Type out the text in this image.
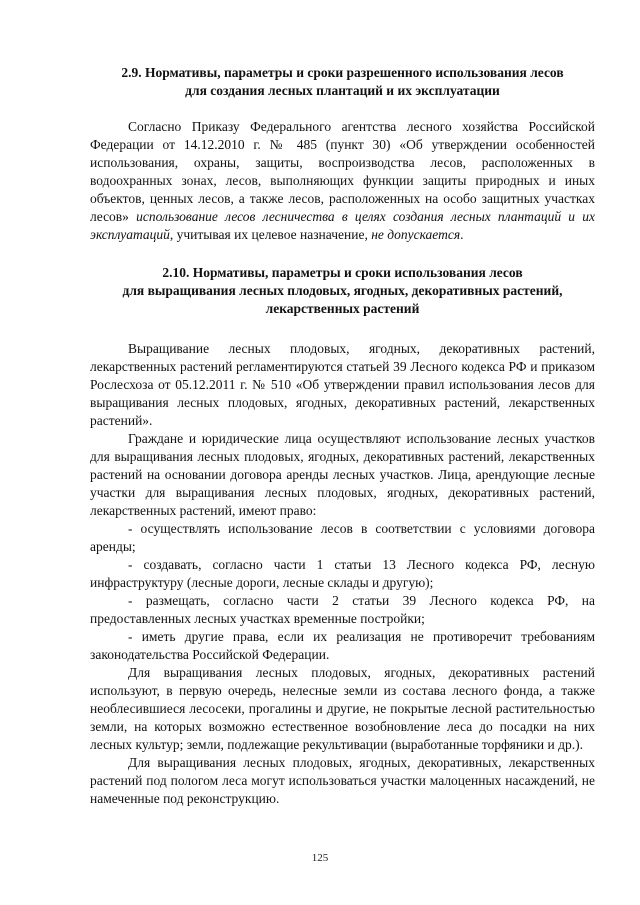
2.9. Нормативы, параметры и сроки разрешенного использования лесов
для создания лесных плантаций и их эксплуатации

Согласно Приказу Федерального агентства лесного хозяйства Российской Федерации от 14.12.2010 г. № 485 (пункт 30) «Об утверждении особенностей использования, охраны, защиты, воспроизводства лесов, расположенных в водоохранных зонах, лесов, выполняющих функции защиты природных и иных объектов, ценных лесов, а также лесов, расположенных на особо защитных участках лесов» использование лесов лесничества в целях создания лесных плантаций и их эксплуатаций, учитывая их целевое назначение, не допускается.

2.10. Нормативы, параметры и сроки использования лесов
для выращивания лесных плодовых, ягодных, декоративных растений,
лекарственных растений

Выращивание лесных плодовых, ягодных, декоративных растений, лекарственных растений регламентируются статьей 39 Лесного кодекса РФ и приказом Рослесхоза от 05.12.2011 г. № 510 «Об утверждении правил использования лесов для выращивания лесных плодовых, ягодных, декоративных растений, лекарственных растений».

Граждане и юридические лица осуществляют использование лесных участков для выращивания лесных плодовых, ягодных, декоративных растений, лекарственных растений на основании договора аренды лесных участков. Лица, арендующие лесные участки для выращивания лесных плодовых, ягодных, декоративных растений, лекарственных растений, имеют право:

- осуществлять использование лесов в соответствии с условиями договора аренды;

- создавать, согласно части 1 статьи 13 Лесного кодекса РФ, лесную инфраструктуру (лесные дороги, лесные склады и другую);

- размещать, согласно части 2 статьи 39 Лесного кодекса РФ, на предоставленных лесных участках временные постройки;

- иметь другие права, если их реализация не противоречит требованиям законодательства Российской Федерации.

Для выращивания лесных плодовых, ягодных, декоративных растений используют, в первую очередь, нелесные земли из состава лесного фонда, а также необлесившиеся лесосеки, прогалины и другие, не покрытые лесной растительностью земли, на которых возможно естественное возобновление леса до посадки на них лесных культур; земли, подлежащие рекультивации (выработанные торфяники и др.).

Для выращивания лесных плодовых, ягодных, декоративных, лекарственных растений под пологом леса могут использоваться участки малоценных насаждений, не намеченные под реконструкцию.

125
